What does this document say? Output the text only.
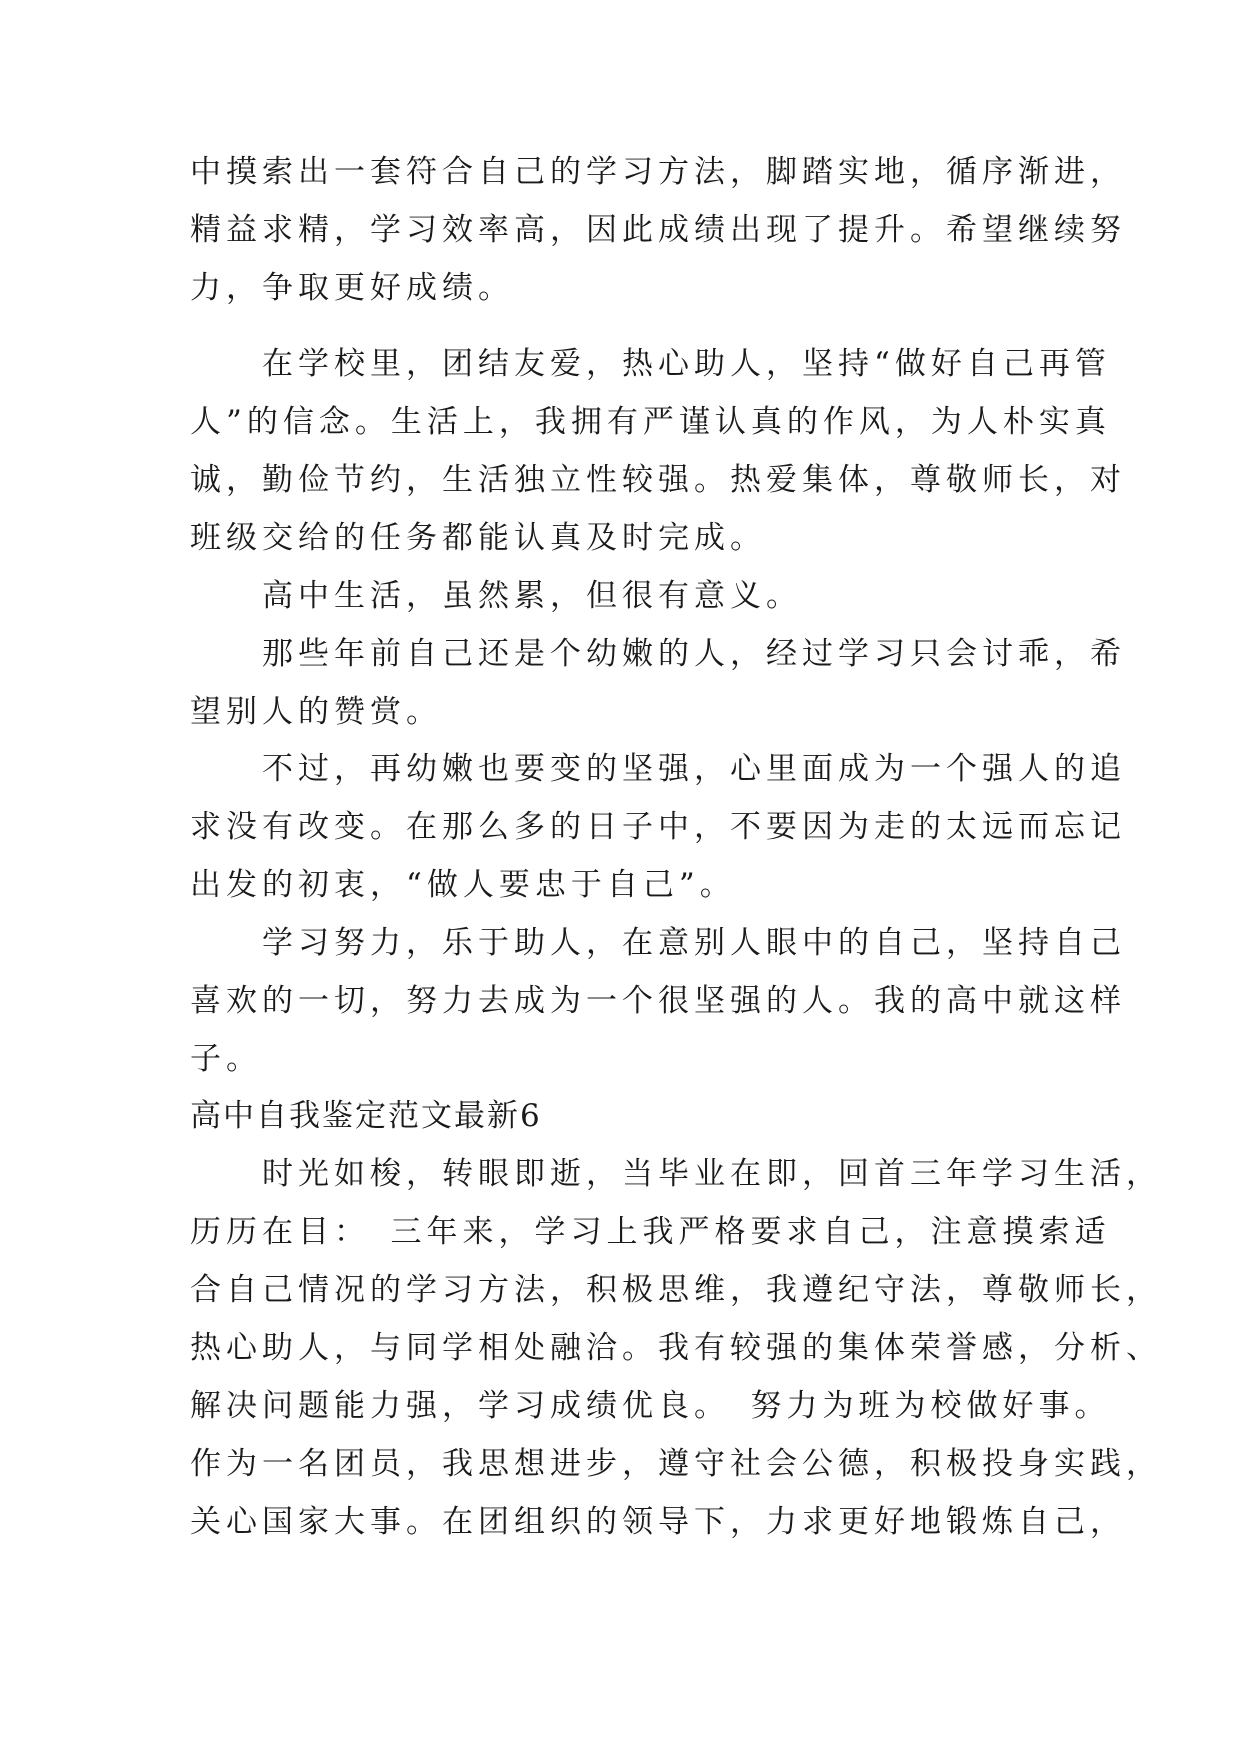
中摸索出一套符合自己的学习方法，脚踏实地，循序渐进，
精益求精，学习效率高，因此成绩出现了提升。希望继续努
力，争取更好成绩。
　　在学校里，团结友爱，热心助人，坚持“做好自己再管
人”的信念。生活上，我拥有严谨认真的作风，为人朴实真
诚，勤俭节约，生活独立性较强。热爱集体，尊敬师长，对
班级交给的任务都能认真及时完成。
　　高中生活，虽然累，但很有意义。
　　那些年前自己还是个幼嫩的人，经过学习只会讨乖，希
望别人的赞赏。
　　不过，再幼嫩也要变的坚强，心里面成为一个强人的追
求没有改变。在那么多的日子中，不要因为走的太远而忘记
出发的初衷，“做人要忠于自己”。
　　学习努力，乐于助人，在意别人眼中的自己，坚持自己
喜欢的一切，努力去成为一个很坚强的人。我的高中就这样
子。
高中自我鉴定范文最新6
　　时光如梭，转眼即逝，当毕业在即，回首三年学习生活，
历历在目：　三年来，学习上我严格要求自己，注意摸索适
合自己情况的学习方法，积极思维，我遵纪守法，尊敬师长，
热心助人，与同学相处融洽。我有较强的集体荣誉感，分析、
解决问题能力强，学习成绩优良。　努力为班为校做好事。
作为一名团员，我思想进步，遵守社会公德，积极投身实践，
关心国家大事。在团组织的领导下，力求更好地锻炼自己，
